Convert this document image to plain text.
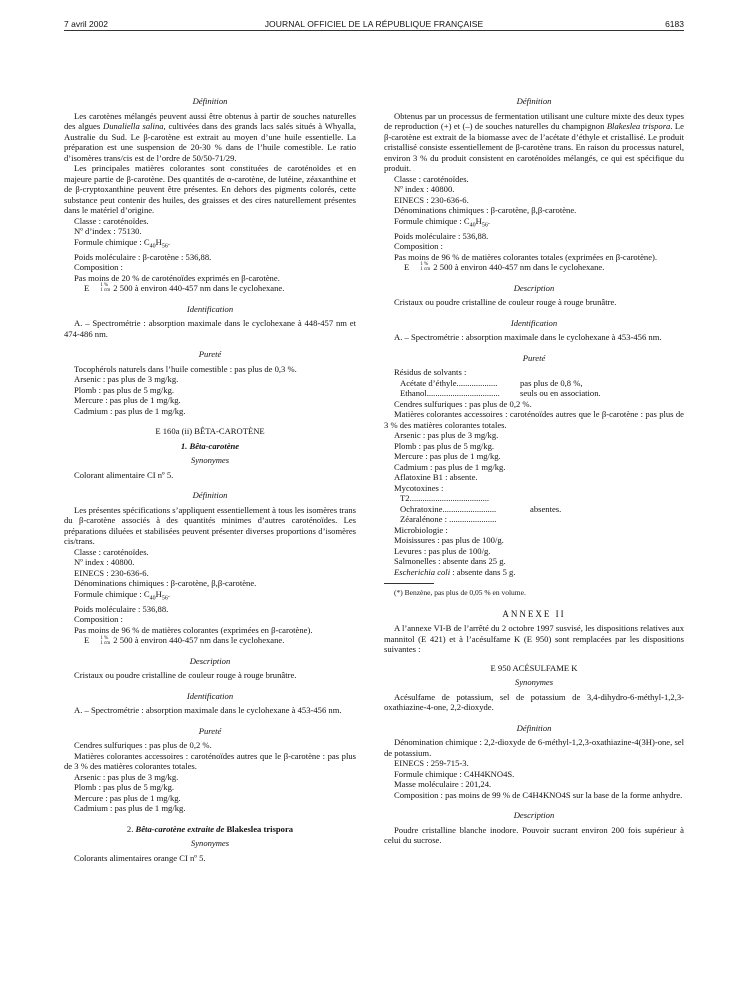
7 avril 2002	JOURNAL OFFICIEL DE LA RÉPUBLIQUE FRANÇAISE	6183

Définition

Les carotènes mélangés peuvent aussi être obtenus à partir de souches naturelles des algues Dunaliella salina, cultivées dans des grands lacs salés situés à Whyalla, Australie du Sud. Le β-carotène est extrait au moyen d’une huile essentielle. La préparation est une suspension de 20-30 % dans de l’huile comestible. Le ratio d’isomères trans/cis est de l’ordre de 50/50-71/29.

Les principales matières colorantes sont constituées de caroténoïdes et en majeure partie de β-carotène. Des quantités de α-carotène, de lutéine, zéaxanthine et de β-cryptoxanthine peuvent être présentes. En dehors des pigments colorés, cette substance peut contenir des huiles, des graisses et des cires naturellement présentes dans le matériel d’origine.

Classe : caroténoïdes.

Nº d’index : 75130.

Formule chimique : $C_{40}H_{56}$.

Poids moléculaire : β-carotène : 536,88.

Composition :

Pas moins de 20 % de caroténoïdes exprimés en β-carotène.

E	1 %
1 cm 2 500 à environ 440-457 nm dans le cyclohexane.

Identification

A. – Spectrométrie : absorption maximale dans le cyclohexane à 448-457 nm et 474-486 nm.

Pureté

Tocophérols naturels dans l’huile comestible : pas plus de 0,3 %.

Arsenic : pas plus de 3 mg/kg.

Plomb : pas plus de 5 mg/kg.

Mercure : pas plus de 1 mg/kg.

Cadmium : pas plus de 1 mg/kg.

E 160a (ii) BÊTA-CAROTÈNE

1. Bêta-carotène

Synonymes

Colorant alimentaire CI nº 5.

Définition

Les présentes spécifications s’appliquent essentiellement à tous les isomères trans du β-carotène associés à des quantités minimes d’autres caroténoïdes. Les préparations diluées et stabilisées peuvent présenter diverses proportions d’isomères cis/trans.

Classe : caroténoïdes.

Nº index : 40800.

EINECS : 230-636-6.

Dénominations chimiques : β-carotène, β,β-carotène.

Formule chimique : $C_{40}H_{56}$.

Poids moléculaire : 536,88.

Composition :

Pas moins de 96 % de matières colorantes (exprimées en β-carotène).

E	1 %
1 cm 2 500 à environ 440-457 nm dans le cyclohexane.

Description

Cristaux ou poudre cristalline de couleur rouge à rouge brunâtre.

Identification

A. – Spectrométrie : absorption maximale dans le cyclohexane à 453-456 nm.

Pureté

Cendres sulfuriques : pas plus de 0,2 %.

Matières colorantes accessoires : caroténoïdes autres que le β-carotène : pas plus de 3 % des matières colorantes totales.

Arsenic : pas plus de 3 mg/kg.

Plomb : pas plus de 5 mg/kg.

Mercure : pas plus de 1 mg/kg.

Cadmium : pas plus de 1 mg/kg.

2. Bêta-carotène extraite de Blakeslea trispora

Synonymes

Colorants alimentaires orange CI nº 5.

Définition

Obtenus par un processus de fermentation utilisant une culture mixte des deux types de reproduction (+) et (–) de souches naturelles du champignon Blakeslea trispora. Le β-carotène est extrait de la biomasse avec de l’acétate d’éthyle et cristallisé. Le produit cristallisé consiste essentiellement de β-carotène trans. En raison du processus naturel, environ 3 % du produit consistent en caroténoïdes mélangés, ce qui est spécifique du produit.

Classe : caroténoïdes.

Nº index : 40800.

EINECS : 230-636-6.

Dénominations chimiques : β-carotène, β,β-carotène.

Formule chimique : $C_{40}H_{56}$.

Poids moléculaire : 536,88.

Composition :

Pas moins de 96 % de matières colorantes totales (exprimées en β-carotène).

E	1 %
1 cm 2 500 à environ 440-457 nm dans le cyclohexane.

Description

Cristaux ou poudre cristalline de couleur rouge à rouge brunâtre.

Identification

A. – Spectrométrie : absorption maximale dans le cyclohexane à 453-456 nm.

Pureté

Résidus de solvants :

Acétate d’éthyle...................	pas plus de 0,8 %,
Ethanol..................................	seuls ou en association.

Cendres sulfuriques : pas plus de 0,2 %.

Matières colorantes accessoires : caroténoïdes autres que le β-carotène : pas plus de 3 % des matières colorantes totales.

Arsenic : pas plus de 3 mg/kg.

Plomb : pas plus de 5 mg/kg.

Mercure : pas plus de 1 mg/kg.

Cadmium : pas plus de 1 mg/kg.

Aflatoxine B1 : absente.

Mycotoxines :

T2.....................................
Ochratoxine.........................	absentes.
Zéaralénone : ......................

Microbiologie :

Moisissures : pas plus de 100/g.

Levures : pas plus de 100/g.

Salmonelles : absente dans 25 g.

Escherichia coli : absente dans 5 g.

(*) Benzène, pas plus de 0,05 % en volume.

ANNEXE II

A l’annexe VI-B de l’arrêté du 2 octobre 1997 susvisé, les dispositions relatives aux mannitol (E 421) et à l’acésulfame K (E 950) sont remplacées par les dispositions suivantes :

E 950 ACÉSULFAME K

Synonymes

Acésulfame de potassium, sel de potassium de 3,4-dihydro-6-méthyl-1,2,3-oxathiazine-4-one, 2,2-dioxyde.

Définition

Dénomination chimique : 2,2-dioxyde de 6-méthyl-1,2,3-oxathiazine-4(3H)-one, sel de potassium.

EINECS : 259-715-3.

Formule chimique : C4H4KNO4S.

Masse moléculaire : 201,24.

Composition : pas moins de 99 % de C4H4KNO4S sur la base de la forme anhydre.

Description

Poudre cristalline blanche inodore. Pouvoir sucrant environ 200 fois supérieur à celui du sucrose.
